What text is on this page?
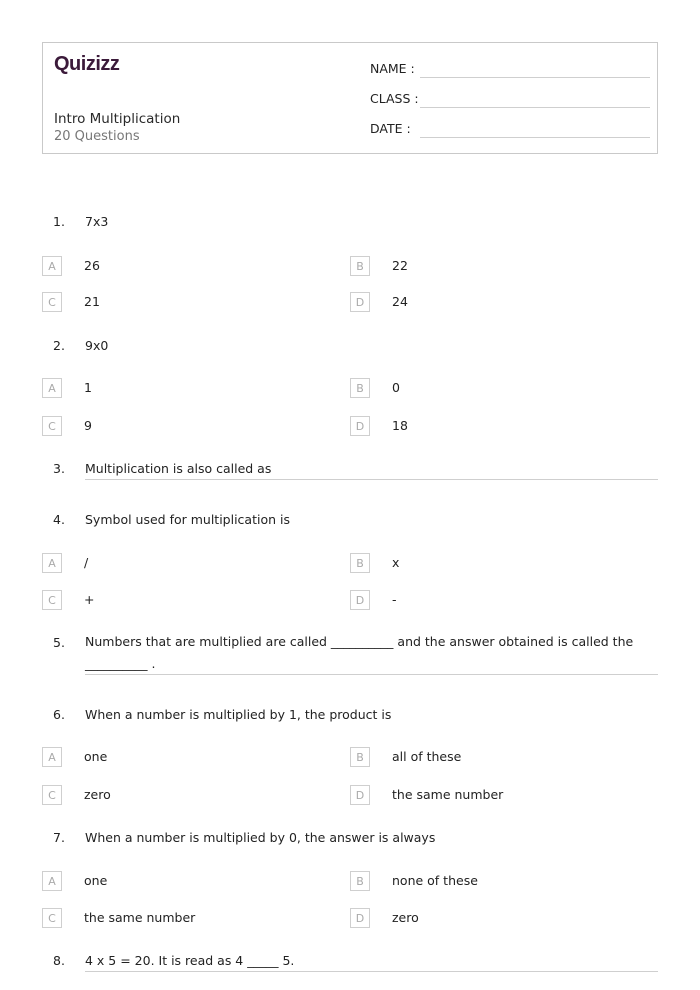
Quizizz
Intro Multiplication
20 Questions
NAME :
CLASS :
DATE :
1. 7x3
A	26	B	22
C	21	D	24
2. 9x0
A	1	B	0
C	9	D	18
3. Multiplication is also called as
4. Symbol used for multiplication is
A	/	B	x
C	+	D	-
5. Numbers that are multiplied are called __________ and the answer obtained is called the __________ .
6. When a number is multiplied by 1, the product is
A	one	B	all of these
C	zero	D	the same number
7. When a number is multiplied by 0, the answer is always
A	one	B	none of these
C	the same number	D	zero
8. 4 x 5 = 20. It is read as 4 _____ 5.
